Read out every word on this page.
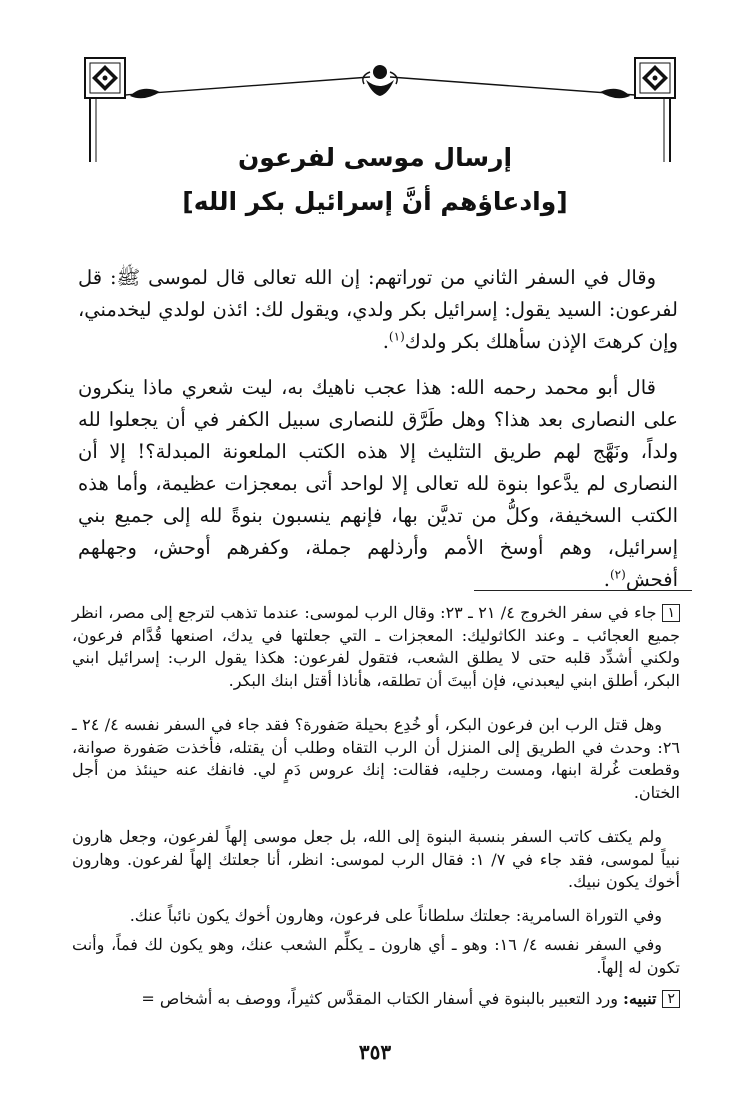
إرسال موسى لفرعون
[وادعاؤهم أنَّ إسرائيل بكر الله]

وقال في السفر الثاني من توراتهم: إن الله تعالى قال لموسى ﷺ: قل لفرعون: السيد يقول: إسرائيل بكر ولدي، ويقول لك: ائذن لولدي ليخدمني، وإن كرهتَ الإذن سأهلك بكر ولدك$^{(١)}$.

قال أبو محمد رحمه الله: هذا عجب ناهيك به، ليت شعري ماذا ينكرون على النصارى بعد هذا؟ وهل طَرَّق للنصارى سبيل الكفر في أن يجعلوا لله ولداً، ونَهَّج لهم طريق التثليث إلا هذه الكتب الملعونة المبدلة؟! إلا أن النصارى لم يدَّعوا بنوة لله تعالى إلا لواحد أتى بمعجزات عظيمة، وأما هذه الكتب السخيفة، وكلُّ من تديَّن بها، فإنهم ينسبون بنوةً لله إلى جميع بني إسرائيل، وهم أوسخ الأمم وأرذلهم جملة، وكفرهم أوحش، وجهلهم أفحش$^{(٢)}$.

١جاء في سفر الخروج ٤/ ٢١ ـ ٢٣: وقال الرب لموسى: عندما تذهب لترجع إلى مصر، انظر جميع العجائب ـ وعند الكاثوليك: المعجزات ـ التي جعلتها في يدك، اصنعها قُدَّام فرعون، ولكني أشدِّد قلبه حتى لا يطلق الشعب، فتقول لفرعون: هكذا يقول الرب: إسرائيل ابني البكر، أطلق ابني ليعبدني، فإن أبيتَ أن تطلقه، هأناذا أقتل ابنك البكر.

وهل قتل الرب ابن فرعون البكر، أو خُدِع بحيلة صَفورة؟ فقد جاء في السفر نفسه ٤/ ٢٤ ـ ٢٦: وحدث في الطريق إلى المنزل أن الرب التقاه وطلب أن يقتله، فأخذت صَفورة صوانة، وقطعت غُرلة ابنها، ومست رجليه، فقالت: إنك عروس دَمٍ لي. فانفك عنه حينئذ من أجل الختان.

ولم يكتف كاتب السفر بنسبة البنوة إلى الله، بل جعل موسى إلهاً لفرعون، وجعل هارون نبياً لموسى، فقد جاء في ٧/ ١: فقال الرب لموسى: انظر، أنا جعلتك إلهاً لفرعون. وهارون أخوك يكون نبيك.

وفي التوراة السامرية: جعلتك سلطاناً على فرعون، وهارون أخوك يكون نائباً عنك.

وفي السفر نفسه ٤/ ١٦: وهو ـ أي هارون ـ يكلِّم الشعب عنك، وهو يكون لك فماً، وأنت تكون له إلهاً.

٢تنبيه: ورد التعبير بالبنوة في أسفار الكتاب المقدَّس كثيراً، ووصف به أشخاص =

٣٥٣
